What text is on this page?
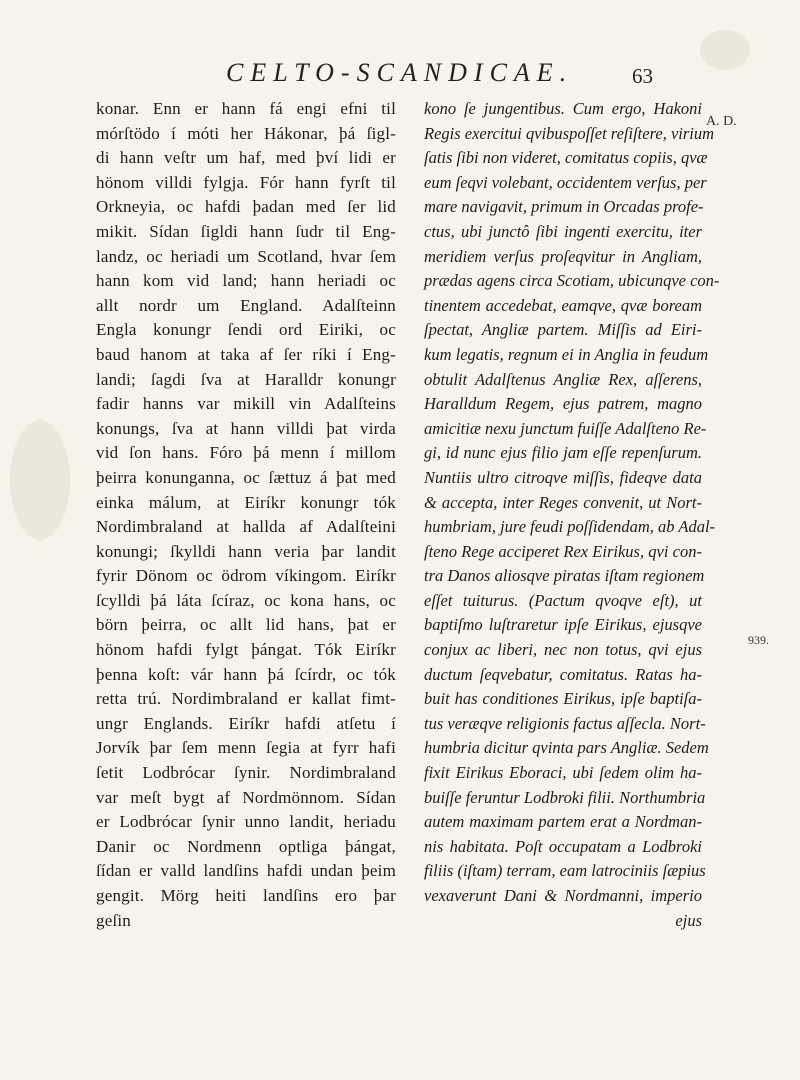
CELTO-SCANDICAE.	63
A. D.
939.
konar. Enn er hann fá engi efni til
mórſtödo í móti her Hákonar, þá ſigl-
di hann veſtr um haf, med því lidi er
hönom villdi fylgja. Fór hann fyrſt til
Orkneyia, oc hafdi þadan med ſer lid
mikit. Sídan ſigldi hann ſudr til Eng-
landz, oc heriadi um Scotland, hvar ſem
hann kom vid land; hann heriadi oc
allt nordr um England. Adalſteinn
Engla konungr ſendi ord Eiriki, oc
baud hanom at taka af ſer ríki í Eng-
landi; ſagdi ſva at Haralldr konungr
fadir hanns var mikill vin Adalſteins
konungs, ſva at hann villdi þat virda
vid ſon hans. Fóro þá menn í millom
þeirra konunganna, oc ſættuz á þat med
einka málum, at Eiríkr konungr tók
Nordimbraland at hallda af Adalſteini
konungi; ſkylldi hann veria þar landit
fyrir Dönom oc ödrom víkingom. Eiríkr
ſcylldi þá láta ſcíraz, oc kona hans, oc
börn þeirra, oc allt lid hans, þat er
hönom hafdi fylgt þángat. Tók Eiríkr
þenna koſt: vár hann þá ſcírdr, oc tók
retta trú. Nordimbraland er kallat fimt-
ungr Englands. Eiríkr hafdi atſetu í
Jorvík þar ſem menn ſegia at fyrr hafi
ſetit Lodbrócar ſynir. Nordimbraland
var meſt bygt af Nordmönnom. Sídan
er Lodbrócar ſynir unno landit, heriadu
Danir oc Nordmenn optliga þángat,
ſídan er valld landſins hafdi undan þeim
gengit. Mörg heiti landſins ero þar
geſin
kono ſe jungentibus. Cum ergo, Hakoni
Regis exercitui qvibuspoſſet reſiſtere, virium
ſatis ſibi non videret, comitatus copiis, qvæ
eum ſeqvi volebant, occidentem verſus, per
mare navigavit, primum in Orcadas profe-
ctus, ubi junctô ſibi ingenti exercitu, iter
meridiem verſus proſeqvitur in Angliam,
prædas agens circa Scotiam, ubicunqve con-
tinentem accedebat, eamqve, qvæ boream
ſpectat, Angliæ partem. Miſſis ad Eiri-
kum legatis, regnum ei in Anglia in feudum
obtulit Adalſtenus Angliæ Rex, aſſerens,
Haralldum Regem, ejus patrem, magno
amicitiæ nexu junctum fuiſſe Adalſteno Re-
gi, id nunc ejus filio jam eſſe repenſurum.
Nuntiis ultro citroqve miſſis, fideqve data
& accepta, inter Reges convenit, ut Nort-
humbriam, jure feudi poſſidendam, ab Adal-
ſteno Rege acciperet Rex Eirikus, qvi con-
tra Danos aliosqve piratas iſtam regionem
eſſet tuiturus. (Pactum qvoqve eſt), ut
baptiſmo luſtraretur ipſe Eirikus, ejusqve
conjux ac liberi, nec non totus, qvi ejus
ductum ſeqvebatur, comitatus. Ratas ha-
buit has conditiones Eirikus, ipſe baptiſa-
tus veræqve religionis factus aſſecla. Nort-
humbria dicitur qvinta pars Angliæ. Sedem
fixit Eirikus Eboraci, ubi ſedem olim ha-
buiſſe feruntur Lodbroki filii. Northumbria
autem maximam partem erat a Nordman-
nis habitata. Poſt occupatam a Lodbroki
filiis (iſtam) terram, eam latrociniis ſæpius
vexaverunt Dani & Nordmanni, imperio
ejus
